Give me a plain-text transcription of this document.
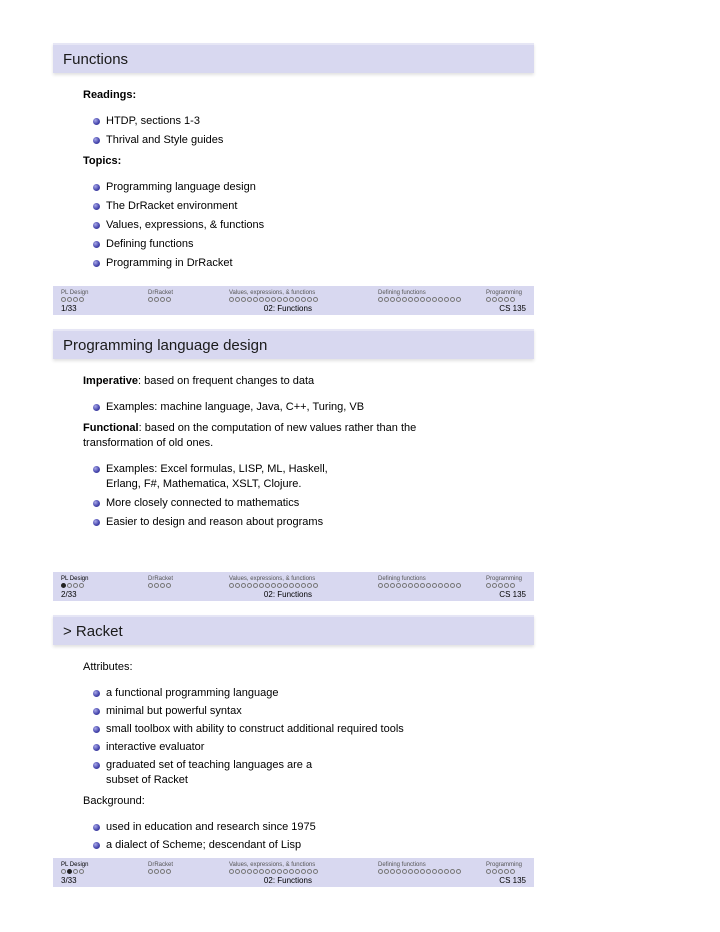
Functions
Readings:
HTDP, sections 1-3
Thrival and Style guides
Topics:
Programming language design
The DrRacket environment
Values, expressions, & functions
Defining functions
Programming in DrRacket
1/33	02: Functions	CS 135
PL Design	DrRacket	Values, expressions, & functions	Defining functions	Programming
Programming language design

Imperative: based on frequent changes to data

Examples: machine language, Java, C++, Turing, VB

Functional: based on the computation of new values rather than the transformation of old ones.

Examples: Excel formulas, LISP, ML, Haskell, Erlang, F#, Mathematica, XSLT, Clojure.
More closely connected to mathematics
Easier to design and reason about programs
2/33	02: Functions	CS 135
PL Design	DrRacket	Values, expressions, & functions	Defining functions	Programming
> Racket

Attributes:

a functional programming language
minimal but powerful syntax
small toolbox with ability to construct additional required tools
interactive evaluator
graduated set of teaching languages are a subset of Racket

Background:

used in education and research since 1975
a dialect of Scheme; descendant of Lisp
3/33	02: Functions	CS 135
PL Design	DrRacket	Values, expressions, & functions	Defining functions	Programming
